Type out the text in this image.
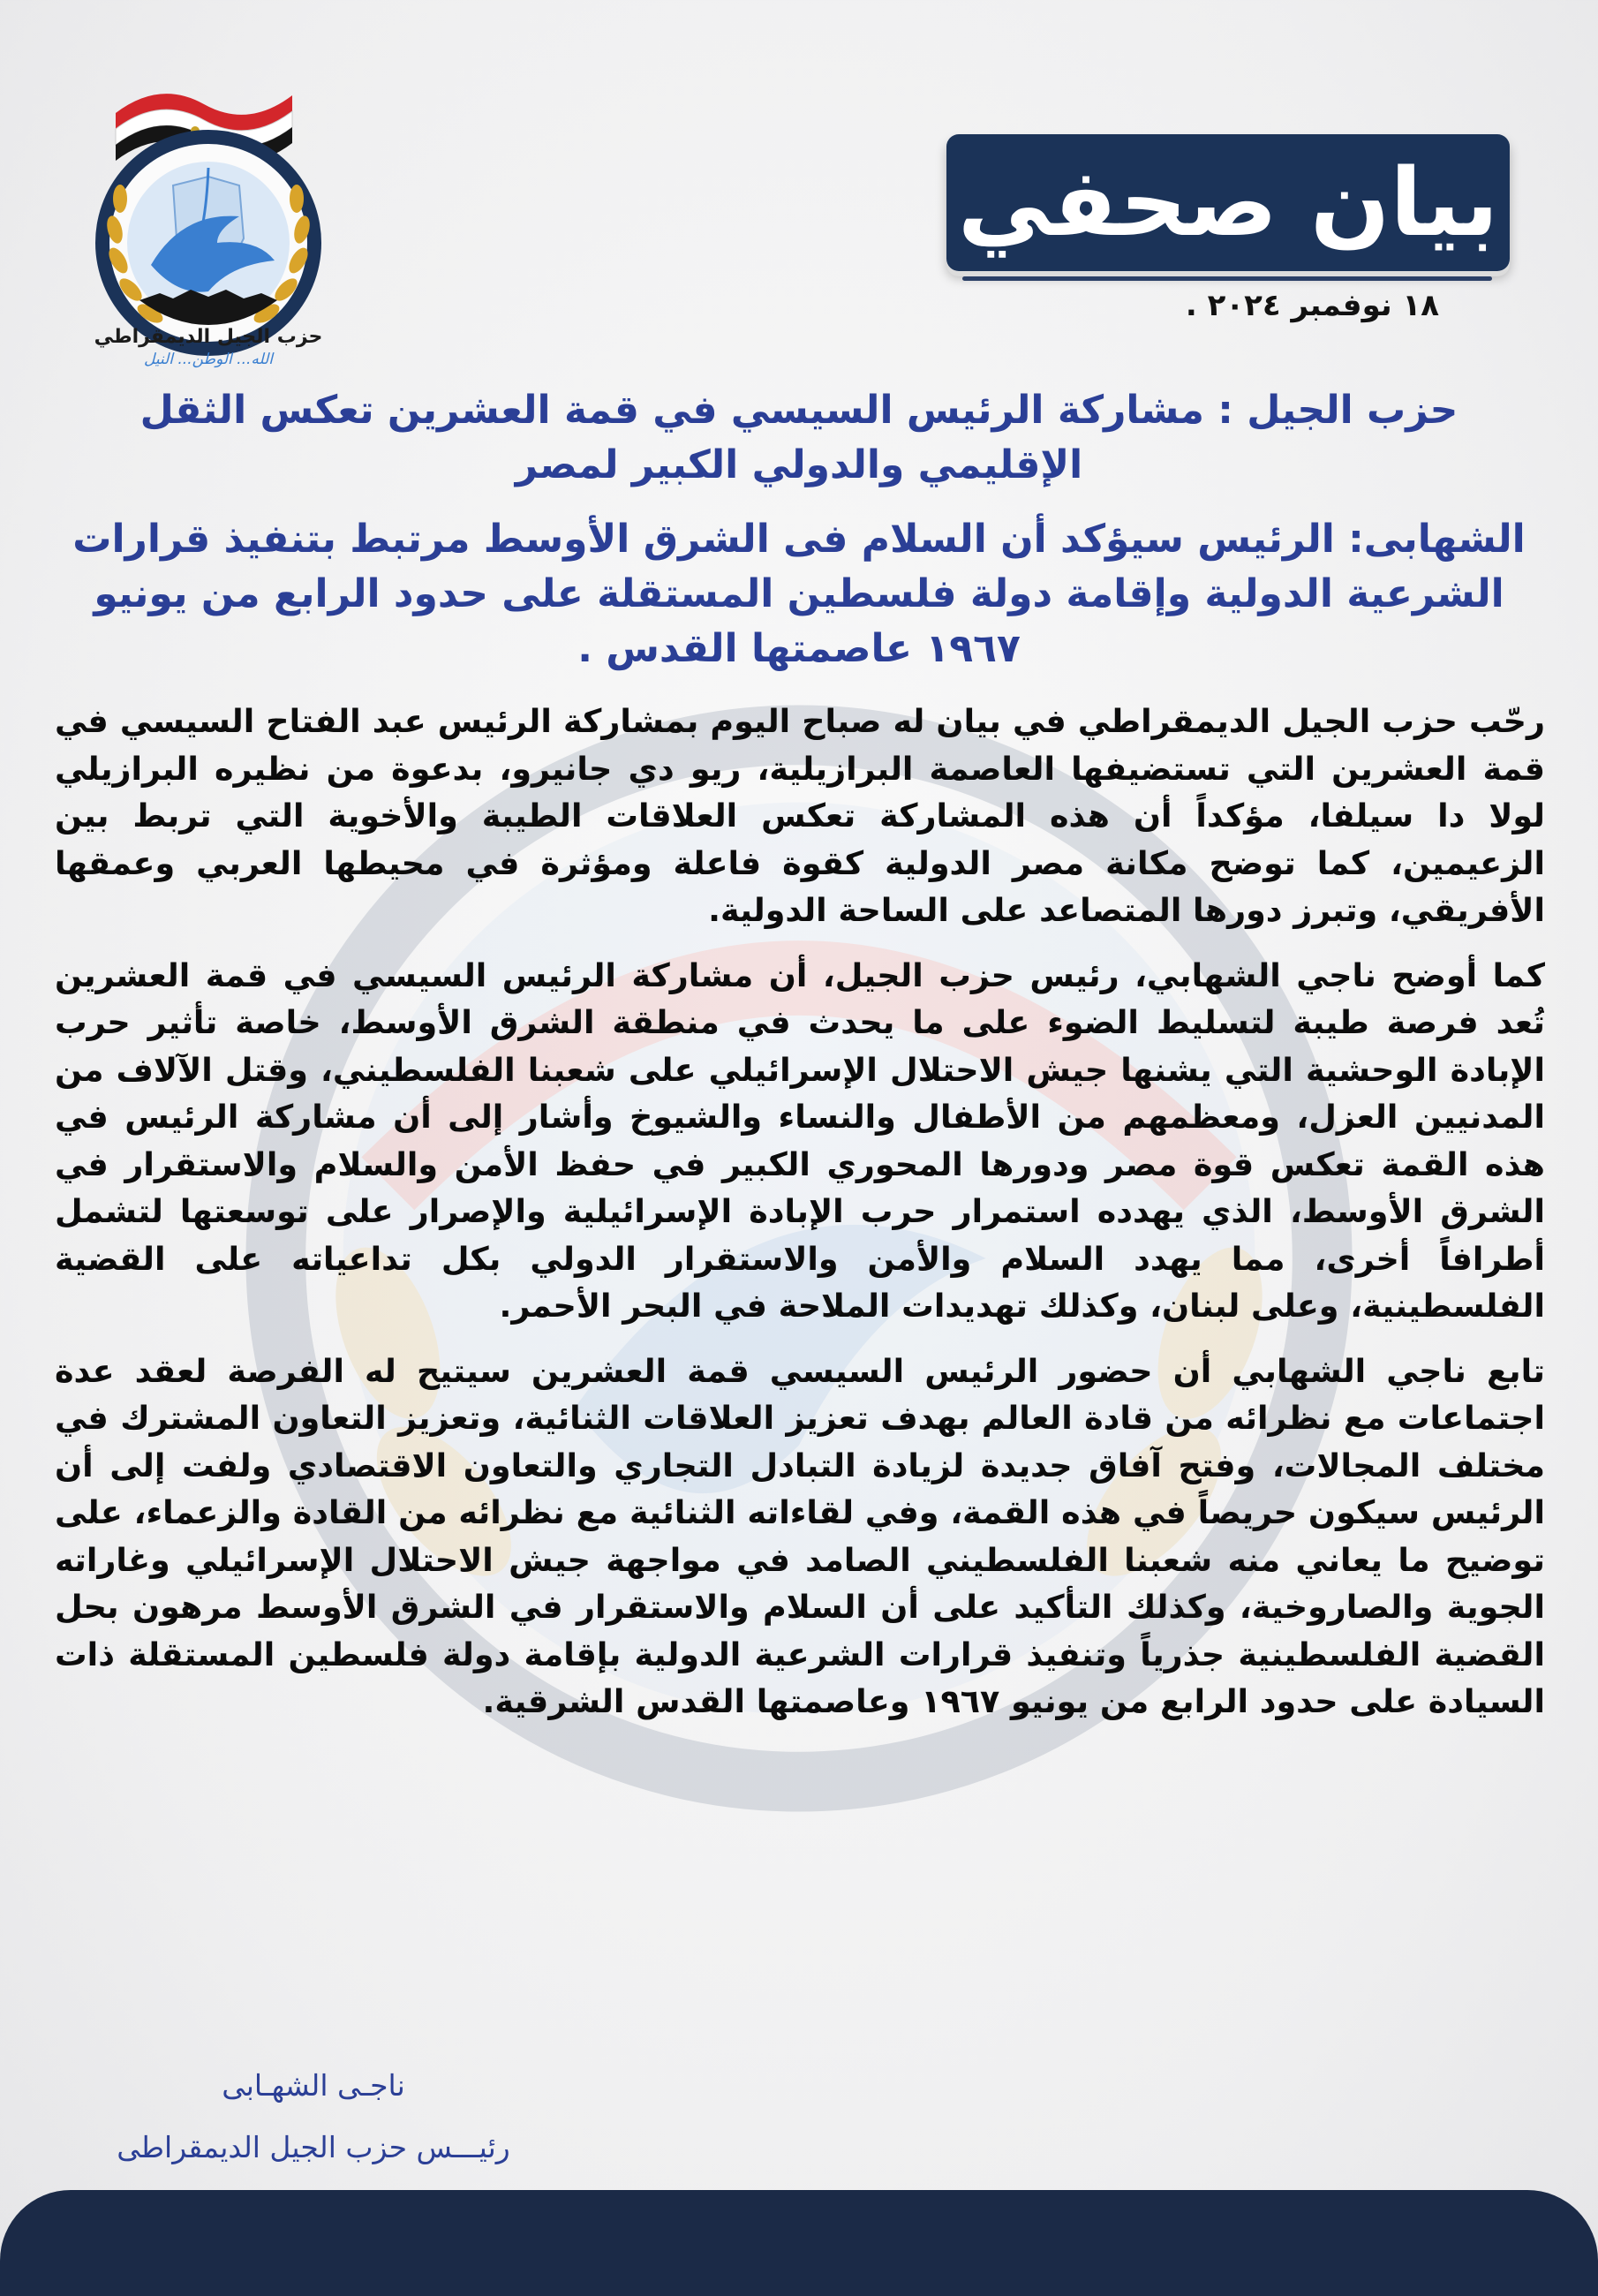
حزب الجيل الديمقراطي
الله... الوطن... النيل
بيان صحفي
١٨ نوفمبر ٢٠٢٤ .
حزب الجيل : مشاركة الرئيس السيسي في قمة العشرين تعكس الثقل الإقليمي والدولي الكبير لمصر
الشهابى: الرئيس سيؤكد أن السلام فى الشرق الأوسط مرتبط بتنفيذ قرارات الشرعية الدولية وإقامة دولة فلسطين المستقلة على حدود الرابع من يونيو ١٩٦٧ عاصمتها القدس .

رحّب حزب الجيل الديمقراطي في بيان له صباح اليوم بمشاركة الرئيس عبد الفتاح السيسي في قمة العشرين التي تستضيفها العاصمة البرازيلية، ريو دي جانيرو، بدعوة من نظيره البرازيلي لولا دا سيلفا، مؤكداً أن هذه المشاركة تعكس العلاقات الطيبة والأخوية التي تربط بين الزعيمين، كما توضح مكانة مصر الدولية كقوة فاعلة ومؤثرة في محيطها العربي وعمقها الأفريقي، وتبرز دورها المتصاعد على الساحة الدولية.

كما أوضح ناجي الشهابي، رئيس حزب الجيل، أن مشاركة الرئيس السيسي في قمة العشرين تُعد فرصة طيبة لتسليط الضوء على ما يحدث في منطقة الشرق الأوسط، خاصة تأثير حرب الإبادة الوحشية التي يشنها جيش الاحتلال الإسرائيلي على شعبنا الفلسطيني، وقتل الآلاف من المدنيين العزل، ومعظمهم من الأطفال والنساء والشيوخ وأشار إلى أن مشاركة الرئيس في هذه القمة تعكس قوة مصر ودورها المحوري الكبير في حفظ الأمن والسلام والاستقرار في الشرق الأوسط، الذي يهدده استمرار حرب الإبادة الإسرائيلية والإصرار على توسعتها لتشمل أطرافاً أخرى، مما يهدد السلام والأمن والاستقرار الدولي بكل تداعياته على القضية الفلسطينية، وعلى لبنان، وكذلك تهديدات الملاحة في البحر الأحمر.

تابع ناجي الشهابي أن حضور الرئيس السيسي قمة العشرين سيتيح له الفرصة لعقد عدة اجتماعات مع نظرائه من قادة العالم بهدف تعزيز العلاقات الثنائية، وتعزيز التعاون المشترك في مختلف المجالات، وفتح آفاق جديدة لزيادة التبادل التجاري والتعاون الاقتصادي ولفت إلى أن الرئيس سيكون حريصاً في هذه القمة، وفي لقاءاته الثنائية مع نظرائه من القادة والزعماء، على توضيح ما يعاني منه شعبنا الفلسطيني الصامد في مواجهة جيش الاحتلال الإسرائيلي وغاراته الجوية والصاروخية، وكذلك التأكيد على أن السلام والاستقرار في الشرق الأوسط مرهون بحل القضية الفلسطينية جذرياً وتنفيذ قرارات الشرعية الدولية بإقامة دولة فلسطين المستقلة ذات السيادة على حدود الرابع من يونيو ١٩٦٧ وعاصمتها القدس الشرقية.

ناجـى الشهـابى
رئيـــس حزب الجيل الديمقراطى
